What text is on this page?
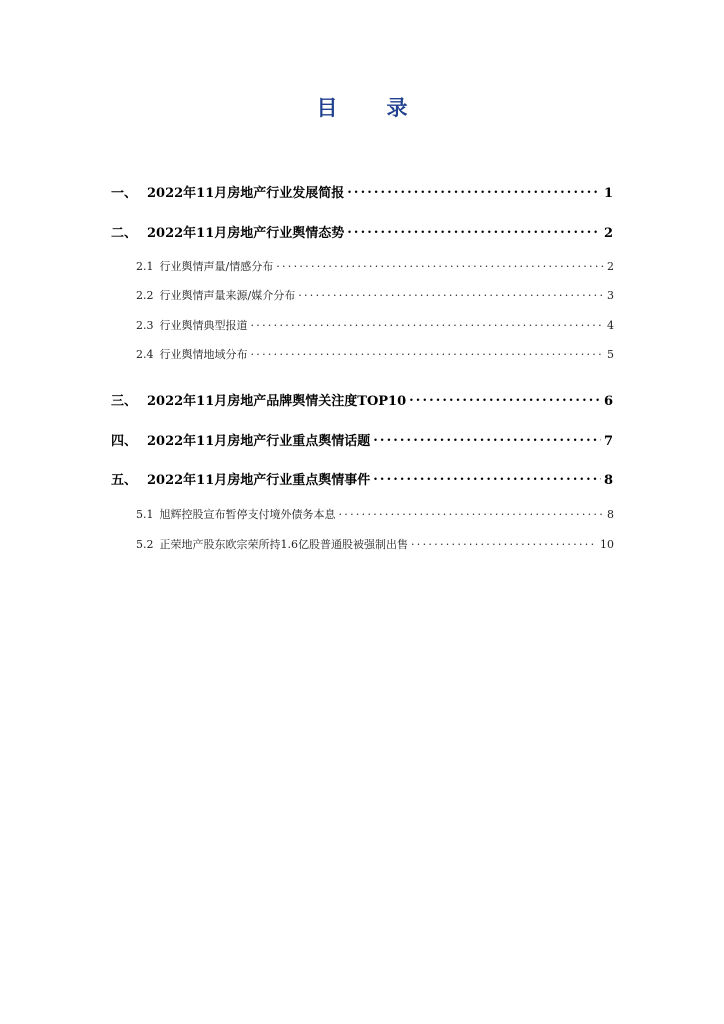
目　录
一、 2022年11月房地产行业发展简报 . . .	1
二、 2022年11月房地产行业舆情态势 . . .	2
2.1 行业舆情声量/情感分布 . . .	2
2.2 行业舆情声量来源/媒介分布 . . .	3
2.3 行业舆情典型报道 . . .	4
2.4 行业舆情地域分布 . . .	5
三、 2022年11月房地产品牌舆情关注度TOP10 . . .	6
四、 2022年11月房地产行业重点舆情话题 . . .	7
五、 2022年11月房地产行业重点舆情事件 . . .	8
5.1 旭辉控股宣布暂停支付境外债务本息 . . .	8
5.2 正荣地产股东欧宗荣所持1.6亿股普通股被强制出售 . . .	10
